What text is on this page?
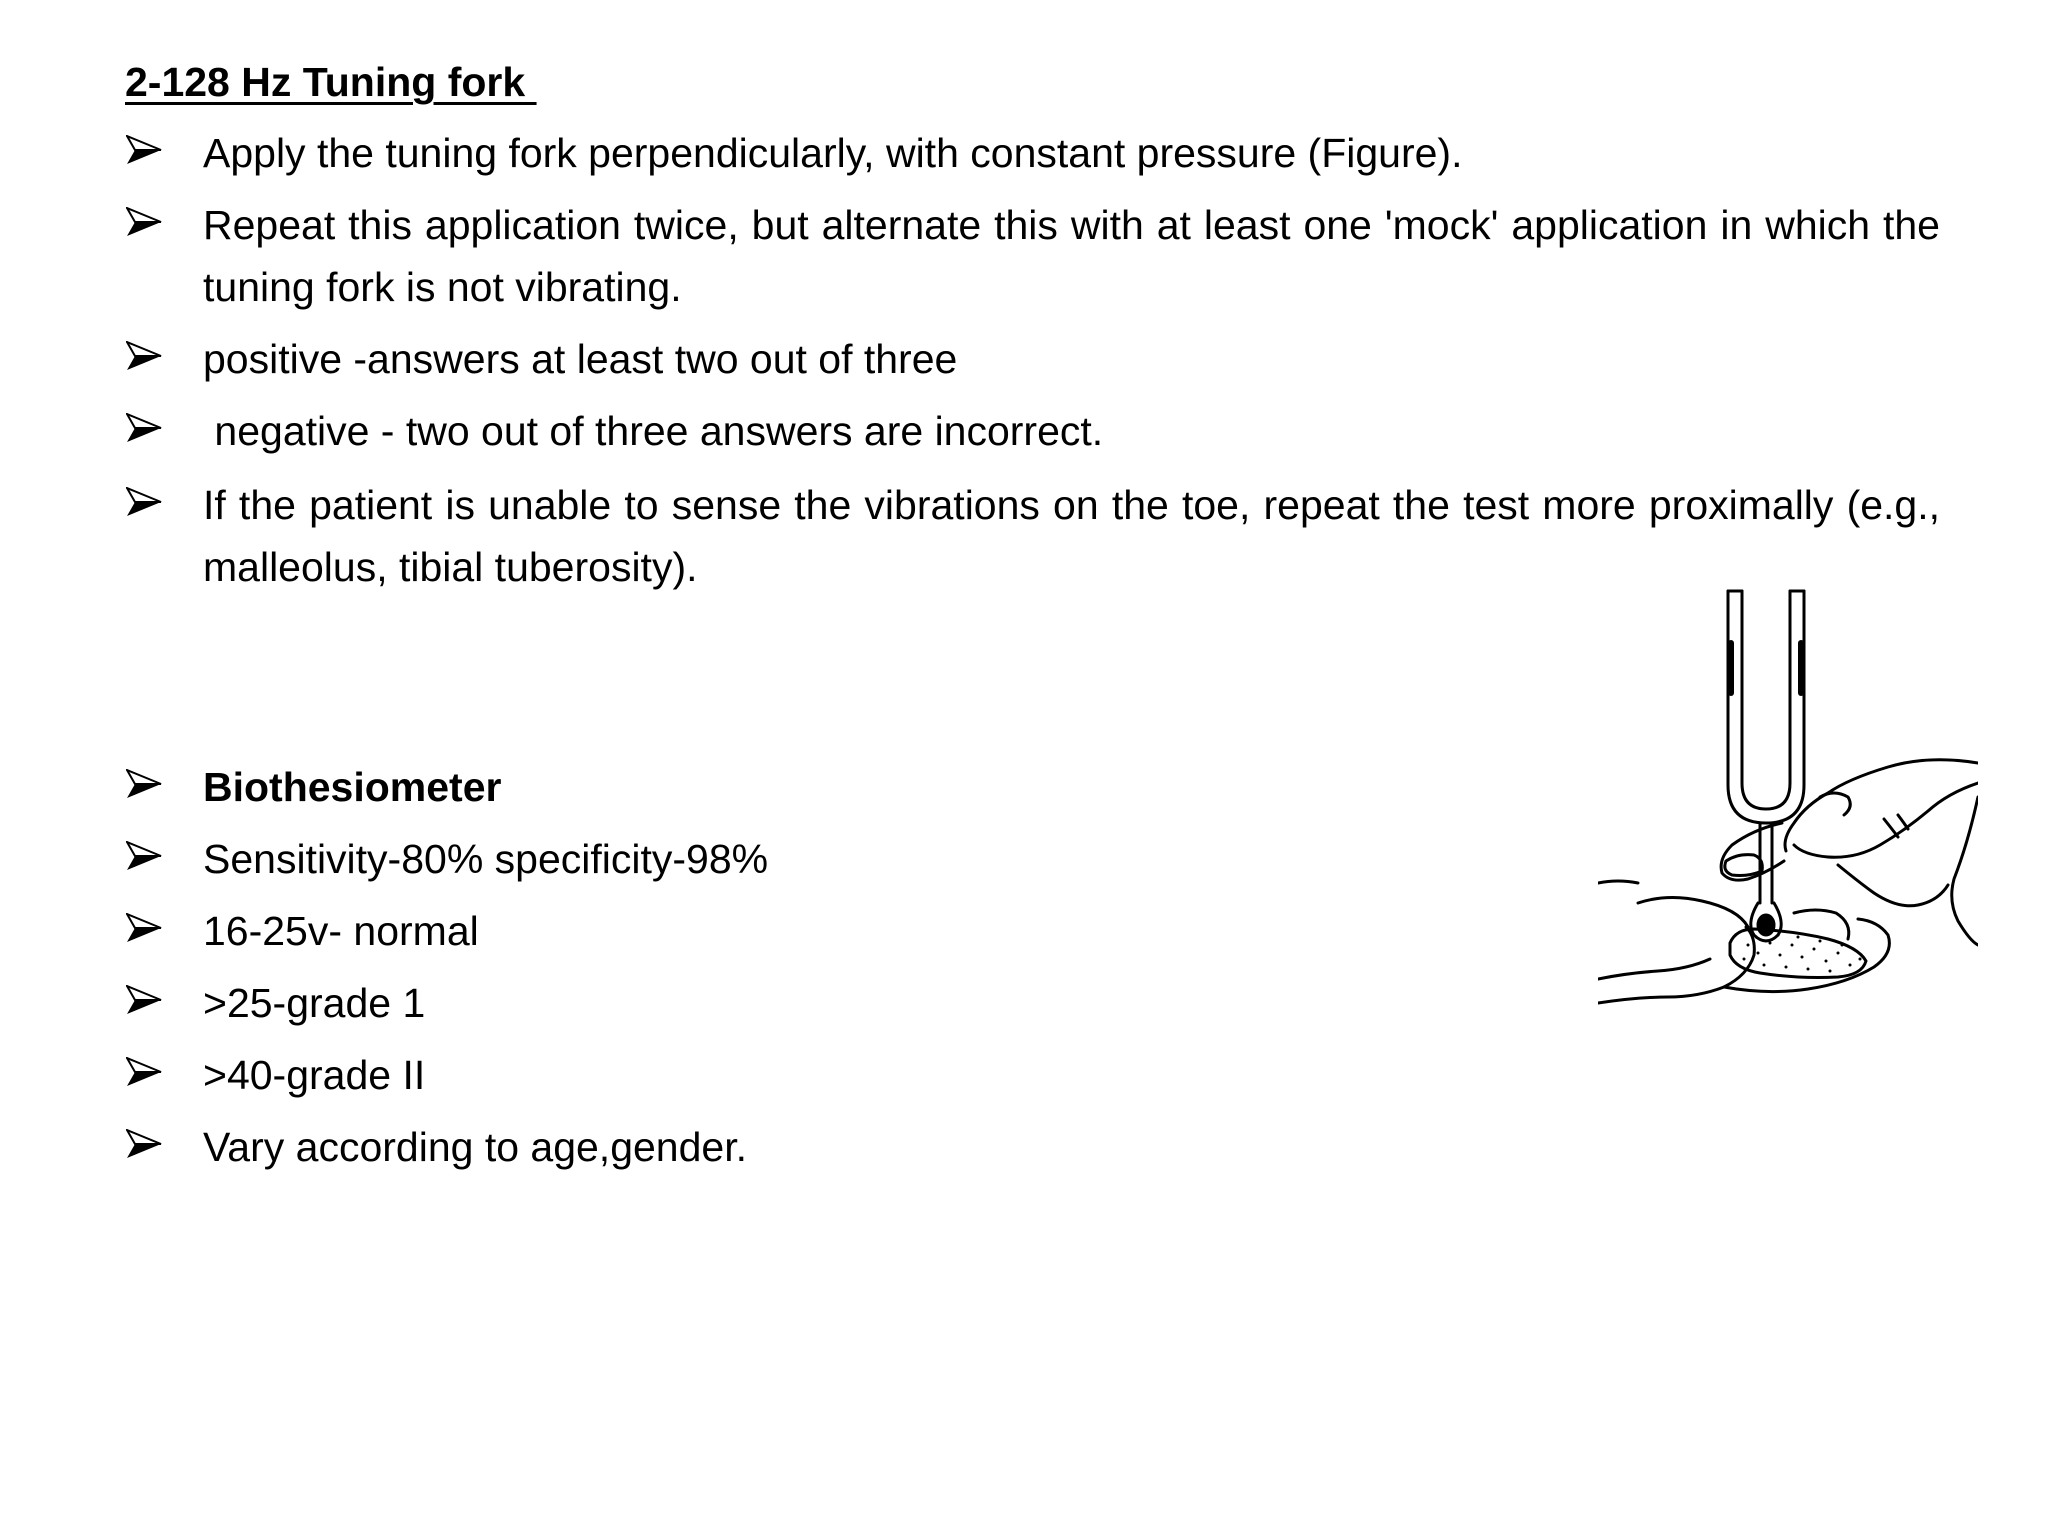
2-128 Hz Tuning fork
Apply the tuning fork perpendicularly, with constant pressure (Figure).
Repeat this application twice, but alternate this with at least one 'mock' application in which the tuning fork is not vibrating.
positive -answers at least two out of three
negative - two out of three answers are incorrect.
If the patient is unable to sense the vibrations on the toe, repeat the test more proximally (e.g., malleolus, tibial tuberosity).
Biothesiometer
Sensitivity-80% specificity-98%
16-25v- normal
>25-grade 1
>40-grade II
Vary according to age,gender.
